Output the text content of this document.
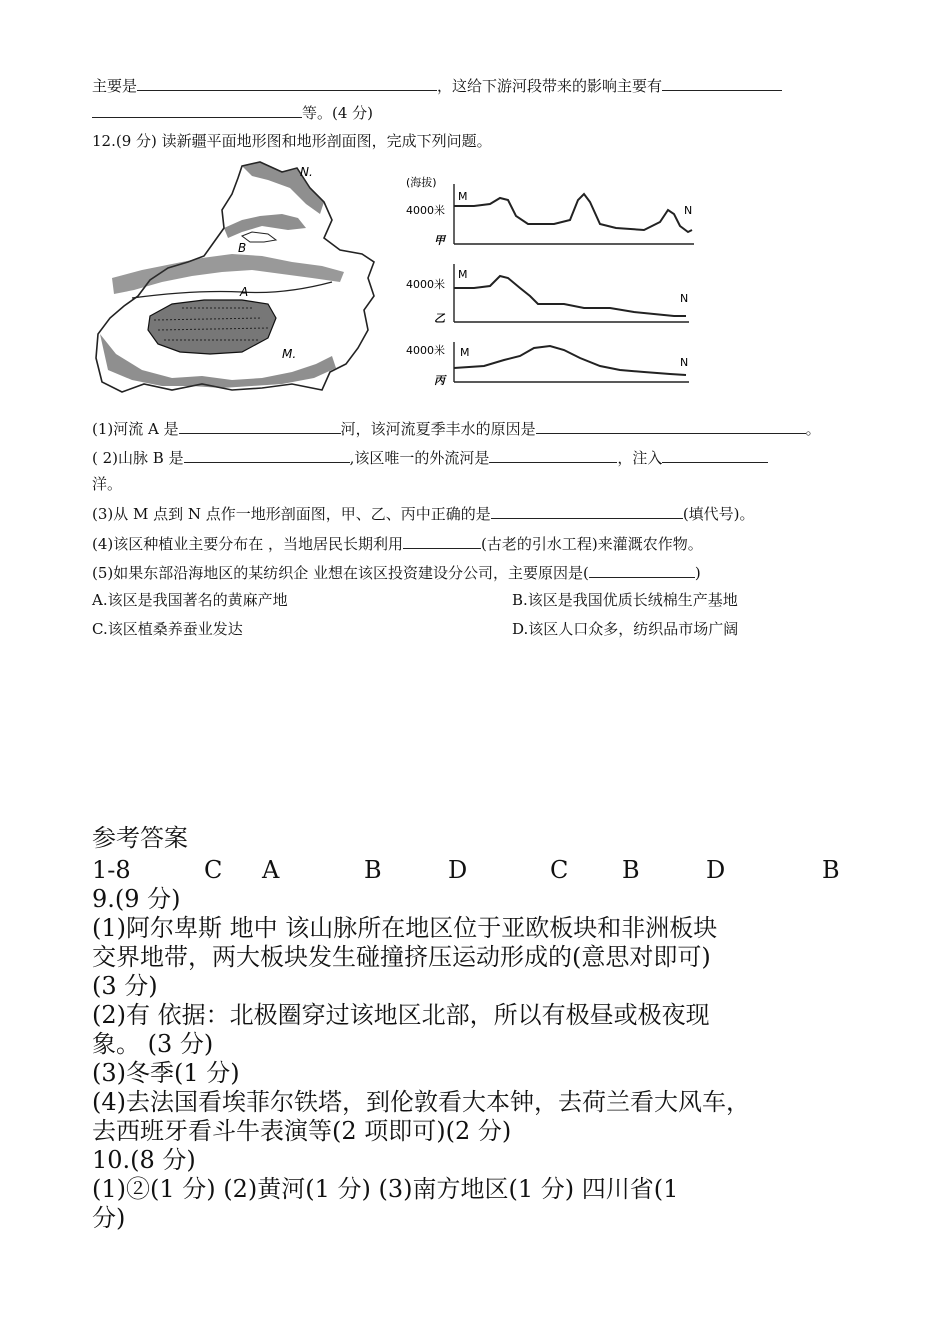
主要是	，这给下游河段带来的影响主要有
等。(4 分)
12.(9 分) 读新疆平面地形图和地形剖面图，完成下列问题。
N.
B
A
M.
(海拔)
4000米
M
N
甲
4000米
M
N
乙
4000米 M
N
丙
(1)河流 A 是	河，该河流夏季丰水的原因是	。
( 2)山脉 B 是	,该区唯一的外流河是	，注入
洋。
(3)从 M 点到 N 点作一地形剖面图，甲、乙、丙中正确的是	(填代号)。
(4)该区种植业主要分布在 ，当地居民长期利用	(古老的引水工程)来灌溉农作物。
(5)如果东部沿海地区的某纺织企 业想在该区投资建设分公司，主要原因是(	)
A.该区是我国著名的黄麻产地	B.该区是我国优质长绒棉生产基地
C.该区植桑养蚕业发达	D.该区人口众多，纺织品市场广阔
参考答案
1-8	C A	B	D	C B	D	B
9.(9 分)
(1)阿尔卑斯 地中 该山脉所在地区位于亚欧板块和非洲板块
交界地带，两大板块发生碰撞挤压运动形成的(意思对即可)
(3 分)
(2)有 依据：北极圈穿过该地区北部，所以有极昼或极夜现
象。 (3 分)
(3)冬季(1 分)
(4)去法国看埃菲尔铁塔，到伦敦看大本钟，去荷兰看大风车，
去西班牙看斗牛表演等(2 项即可)(2 分)
10.(8 分)
(1)②(1 分) (2)黄河(1 分) (3)南方地区(1 分) 四川省(1
分)
